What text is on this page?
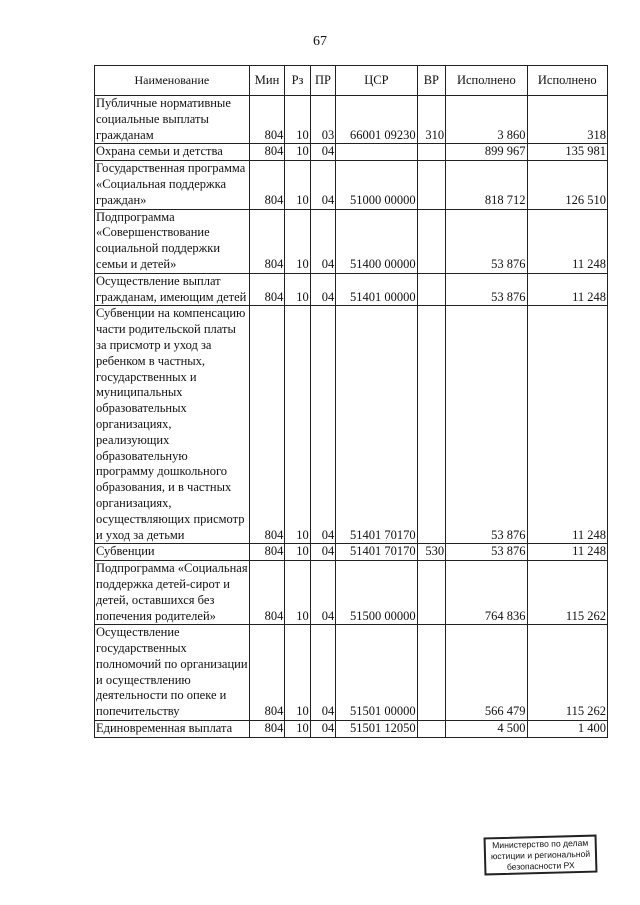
67
Наименование	Мин	Рз	ПР	ЦСР	ВР	Исполнено	Исполнено
Публичные нормативные социальные выплаты гражданам	804	10	03	66001 09230	310	3 860	318
Охрана семьи и детства	804	10	04			899 967	135 981
Государственная программа «Социальная поддержка граждан»	804	10	04	51000 00000		818 712	126 510
Подпрограмма «Совершенствование социальной поддержки семьи и детей»	804	10	04	51400 00000		53 876	11 248
Осуществление выплат гражданам, имеющим детей	804	10	04	51401 00000		53 876	11 248
Субвенции на компенсацию части родительской платы за присмотр и уход за ребенком в частных, государственных и муниципальных образовательных организациях, реализующих образовательную программу дошкольного образования, и в частных организациях, осуществляющих присмотр и уход за детьми	804	10	04	51401 70170		53 876	11 248
Субвенции	804	10	04	51401 70170	530	53 876	11 248
Подпрограмма «Социальная поддержка детей-сирот и детей, оставшихся без попечения родителей»	804	10	04	51500 00000		764 836	115 262
Осуществление государственных полномочий по организации и осуществлению деятельности по опеке и попечительству	804	10	04	51501 00000		566 479	115 262
Единовременная выплата	804	10	04	51501 12050		4 500	1 400
Министерство по делам
юстиции и региональной
безопасности РХ
